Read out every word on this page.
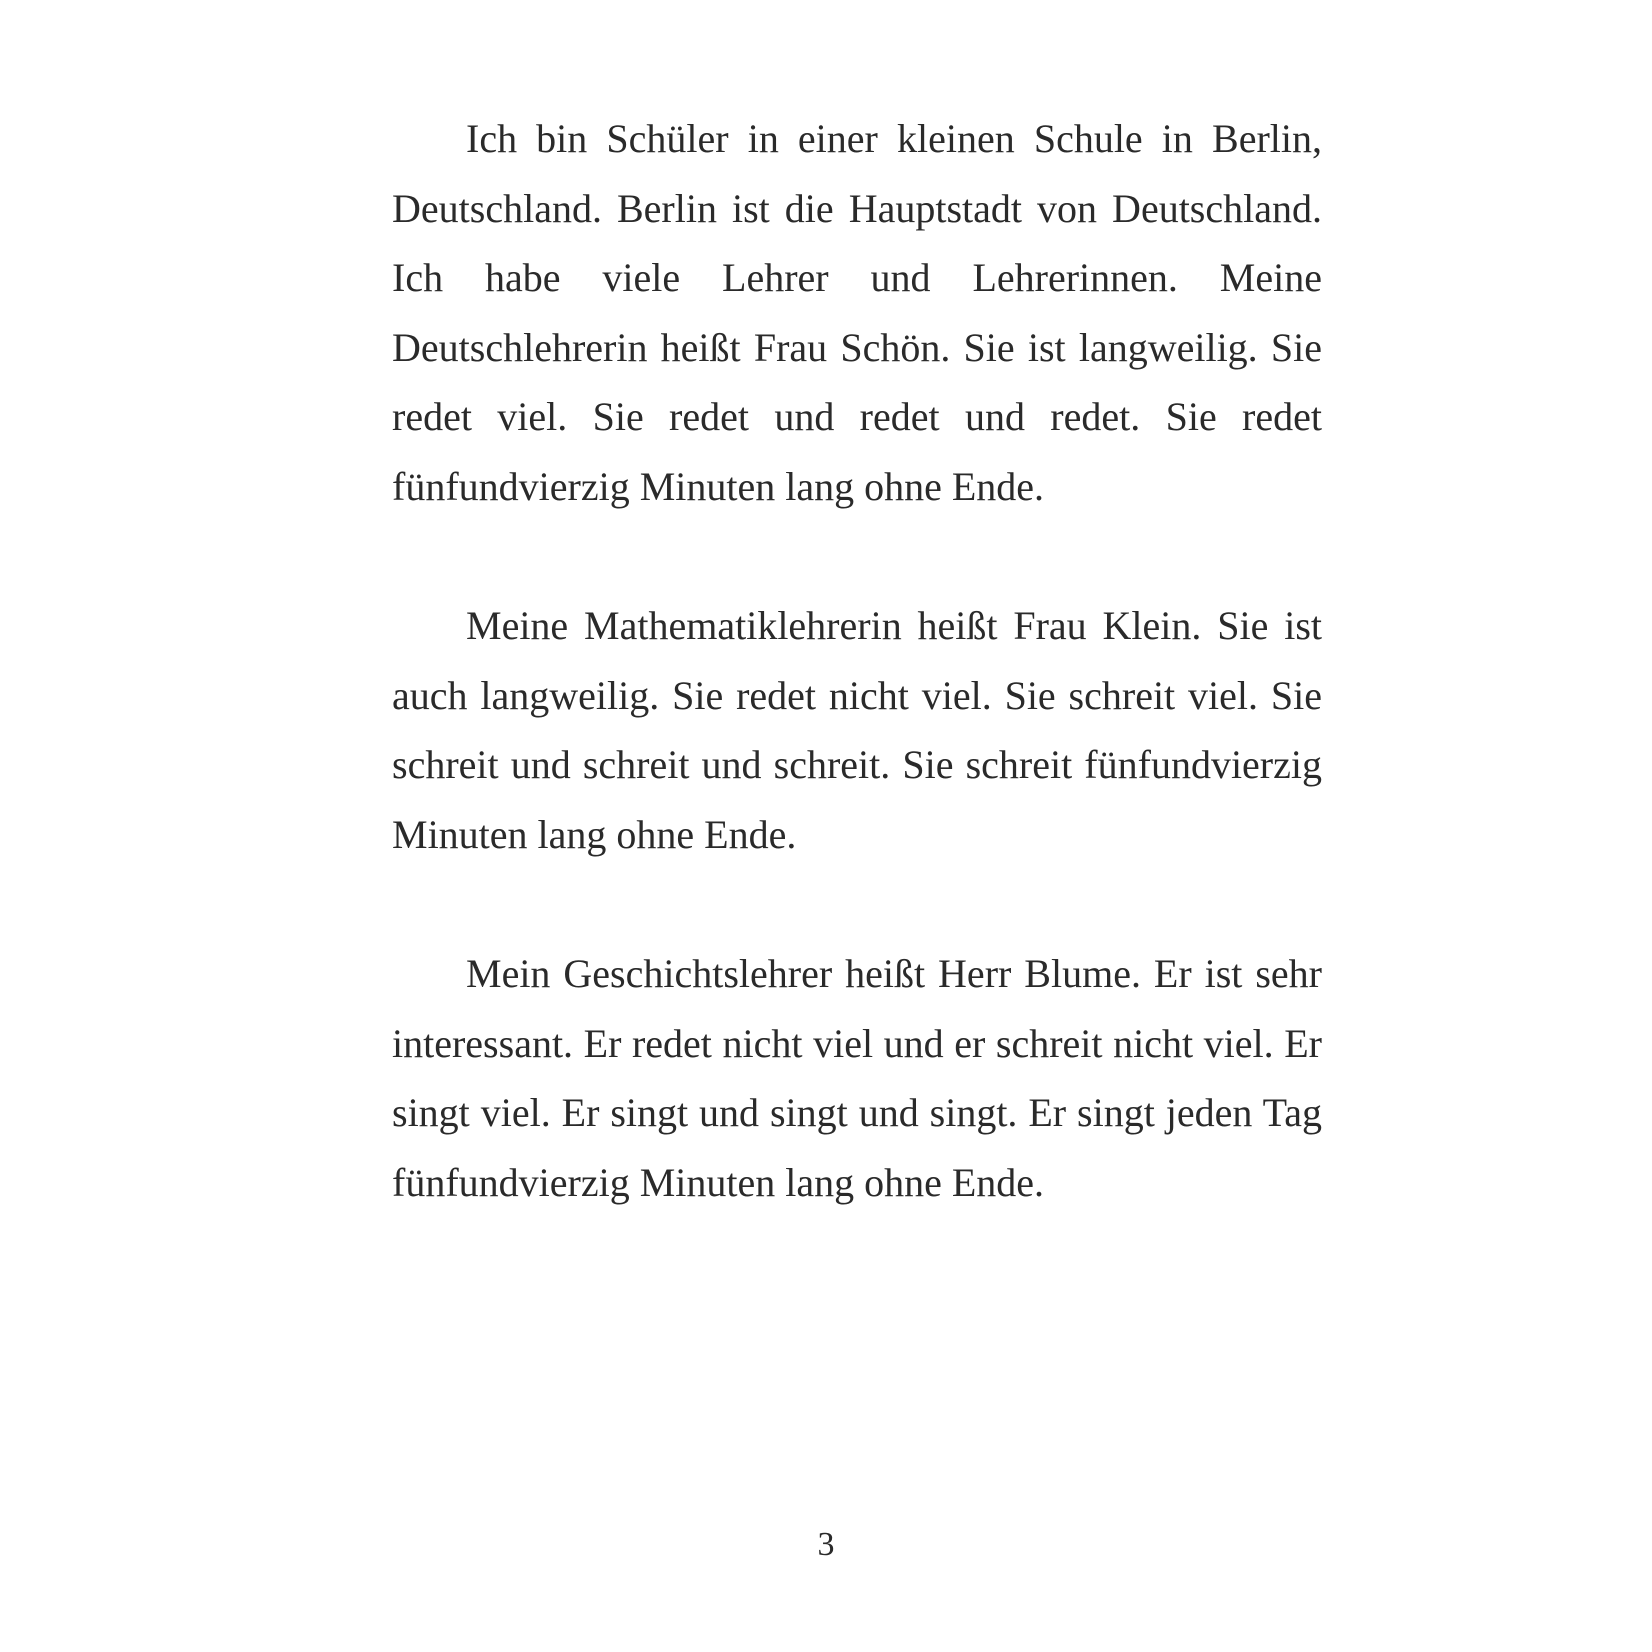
Ich bin Schüler in einer kleinen Schule in Berlin, Deutschland. Berlin ist die Hauptstadt von Deutschland. Ich habe viele Lehrer und Lehrerinnen. Meine Deutschlehrerin heißt Frau Schön. Sie ist langweilig. Sie redet viel. Sie redet und redet und redet. Sie redet fünfundvierzig Minuten lang ohne Ende.

Meine Mathematiklehrerin heißt Frau Klein. Sie ist auch langweilig. Sie redet nicht viel. Sie schreit viel. Sie schreit und schreit und schreit. Sie schreit fünfundvierzig Minuten lang ohne Ende.

Mein Geschichtslehrer heißt Herr Blume. Er ist sehr interessant. Er redet nicht viel und er schreit nicht viel. Er singt viel. Er singt und singt und singt. Er singt jeden Tag fünfundvierzig Minuten lang ohne Ende.

3
